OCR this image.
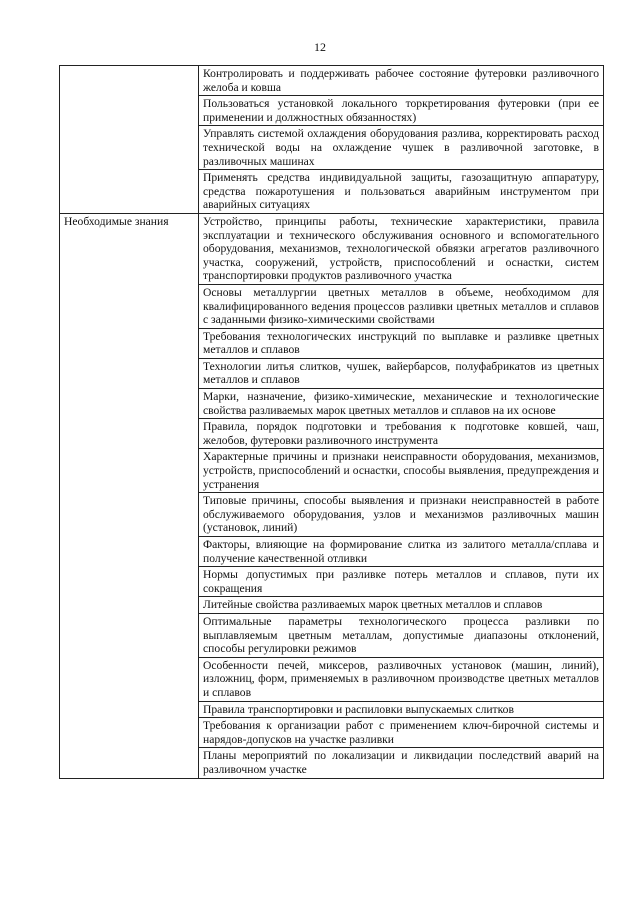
12
	Контролировать и поддерживать рабочее состояние футеровки разливочного желоба и ковша
	Пользоваться установкой локального торкретирования футеровки (при ее применении и должностных обязанностях)
	Управлять системой охлаждения оборудования разлива, корректировать расход технической воды на охлаждение чушек в разливочной заготовке, в разливочных машинах
	Применять средства индивидуальной защиты, газозащитную аппаратуру, средства пожаротушения и пользоваться аварийным инструментом при аварийных ситуациях
Необходимые знания	Устройство, принципы работы, технические характеристики, правила эксплуатации и технического обслуживания основного и вспомогательного оборудования, механизмов, технологической обвязки агрегатов разливочного участка, сооружений, устройств, приспособлений и оснастки, систем транспортировки продуктов разливочного участка
	Основы металлургии цветных металлов в объеме, необходимом для квалифицированного ведения процессов разливки цветных металлов и сплавов с заданными физико-химическими свойствами
	Требования технологических инструкций по выплавке и разливке цветных металлов и сплавов
	Технологии литья слитков, чушек, вайербарсов, полуфабрикатов из цветных металлов и сплавов
	Марки, назначение, физико-химические, механические и технологические свойства разливаемых марок цветных металлов и сплавов на их основе
	Правила, порядок подготовки и требования к подготовке ковшей, чаш, желобов, футеровки разливочного инструмента
	Характерные причины и признаки неисправности оборудования, механизмов, устройств, приспособлений и оснастки, способы выявления, предупреждения и устранения
	Типовые причины, способы выявления и признаки неисправностей в работе обслуживаемого оборудования, узлов и механизмов разливочных машин (установок, линий)
	Факторы, влияющие на формирование слитка из залитого металла/сплава и получение качественной отливки
	Нормы допустимых при разливке потерь металлов и сплавов, пути их сокращения
	Литейные свойства разливаемых марок цветных металлов и сплавов
	Оптимальные параметры технологического процесса разливки по выплавляемым цветным металлам, допустимые диапазоны отклонений, способы регулировки режимов
	Особенности печей, миксеров, разливочных установок (машин, линий), изложниц, форм, применяемых в разливочном производстве цветных металлов и сплавов
	Правила транспортировки и распиловки выпускаемых слитков
	Требования к организации работ с применением ключ-бирочной системы и нарядов-допусков на участке разливки
	Планы мероприятий по локализации и ликвидации последствий аварий на разливочном участке
